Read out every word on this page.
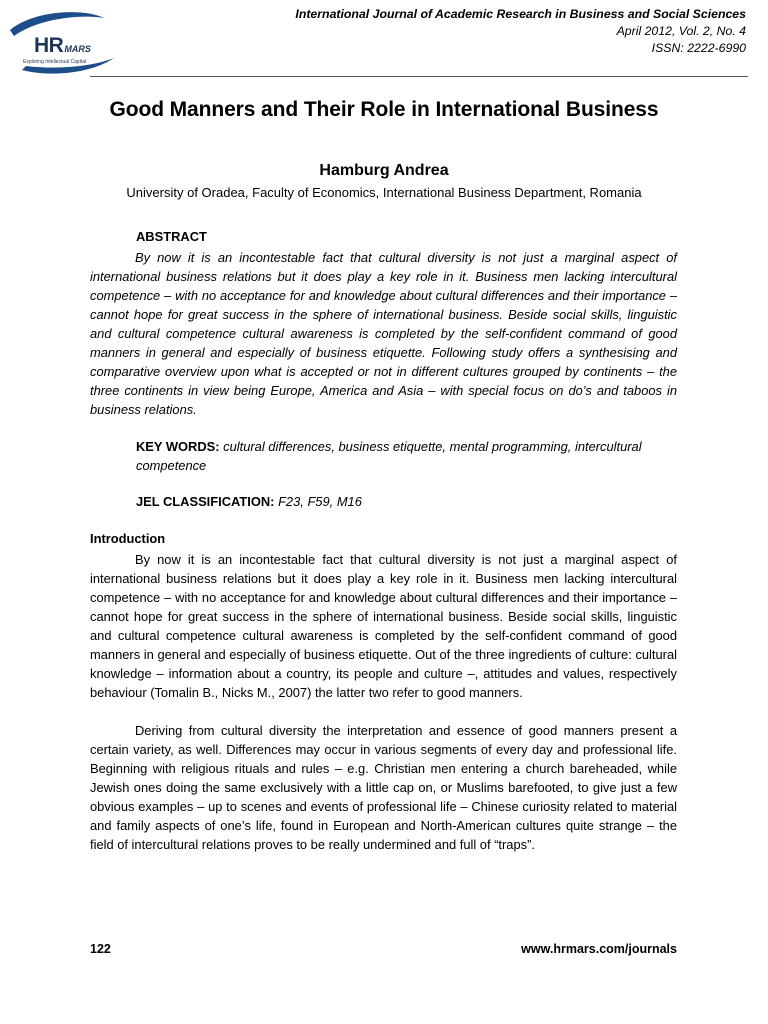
HRMARS
Exploring Intellectual Capital
International Journal of Academic Research in Business and Social Sciences
April 2012, Vol. 2, No. 4
ISSN: 2222-6990
Good Manners and Their Role in International Business
Hamburg Andrea
University of Oradea, Faculty of Economics, International Business Department, Romania
ABSTRACT
By now it is an incontestable fact that cultural diversity is not just a marginal aspect of international business relations but it does play a key role in it. Business men lacking intercultural competence – with no acceptance for and knowledge about cultural differences and their importance – cannot hope for great success in the sphere of international business. Beside social skills, linguistic and cultural competence cultural awareness is completed by the self-confident command of good manners in general and especially of business etiquette. Following study offers a synthesising and comparative overview upon what is accepted or not in different cultures grouped by continents – the three continents in view being Europe, America and Asia – with special focus on do’s and taboos in business relations.
KEY WORDS: cultural differences, business etiquette, mental programming, intercultural competence
JEL CLASSIFICATION: F23, F59, M16
Introduction
By now it is an incontestable fact that cultural diversity is not just a marginal aspect of international business relations but it does play a key role in it. Business men lacking intercultural competence – with no acceptance for and knowledge about cultural differences and their importance – cannot hope for great success in the sphere of international business. Beside social skills, linguistic and cultural competence cultural awareness is completed by the self-confident command of good manners in general and especially of business etiquette. Out of the three ingredients of culture: cultural knowledge – information about a country, its people and culture –, attitudes and values, respectively behaviour (Tomalin B., Nicks M., 2007) the latter two refer to good manners.
Deriving from cultural diversity the interpretation and essence of good manners present a certain variety, as well. Differences may occur in various segments of every day and professional life. Beginning with religious rituals and rules – e.g. Christian men entering a church bareheaded, while Jewish ones doing the same exclusively with a little cap on, or Muslims barefooted, to give just a few obvious examples – up to scenes and events of professional life – Chinese curiosity related to material and family aspects of one’s life, found in European and North-American cultures quite strange – the field of intercultural relations proves to be really undermined and full of “traps”.
122	www.hrmars.com/journals
